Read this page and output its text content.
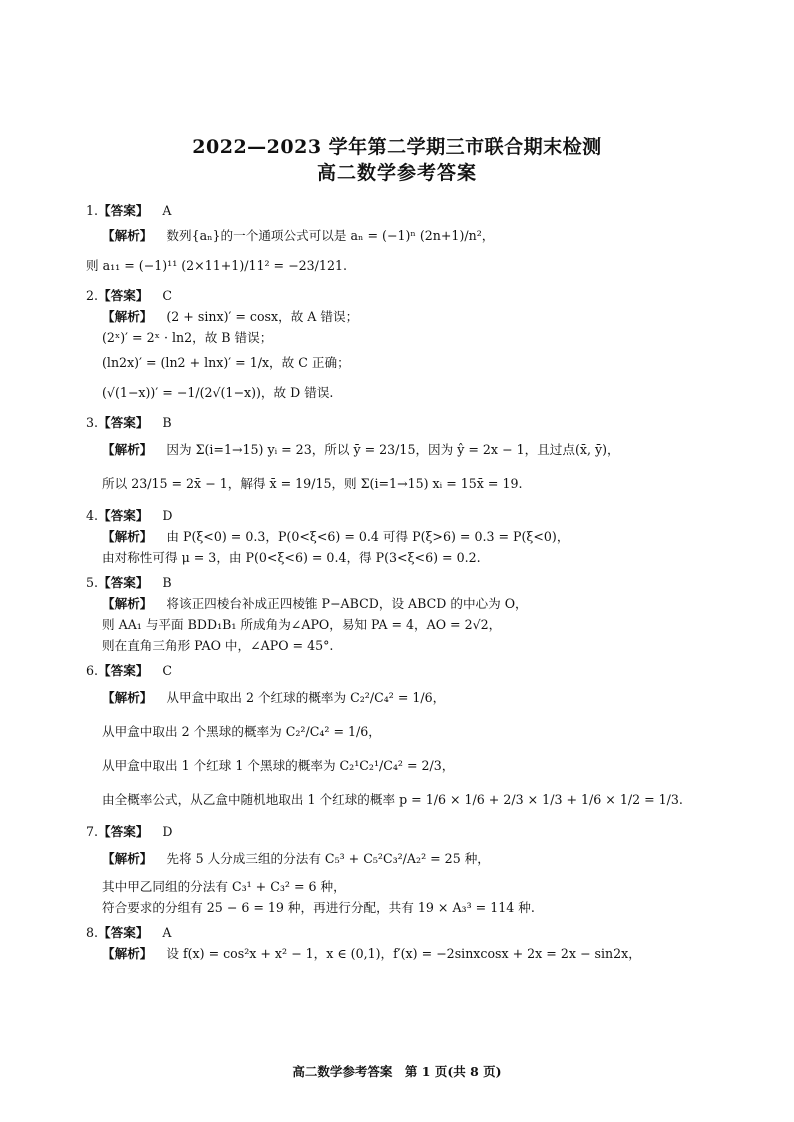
2022—2023 学年第二学期三市联合期末检测
高二数学参考答案
1.【答案】 A
【解析】 数列{aₙ}的一个通项公式可以是 aₙ = (−1)ⁿ (2n+1)/n²，
则 a₁₁ = (−1)¹¹ (2×11+1)/11² = −23/121.
2.【答案】 C
【解析】 (2 + sinx)′ = cosx，故 A 错误；
(2ˣ)′ = 2ˣ · ln2，故 B 错误；
(ln2x)′ = (ln2 + lnx)′ = 1/x，故 C 正确；
(√(1−x))′ = −1/(2√(1−x))，故 D 错误.
3.【答案】 B
【解析】 因为 Σ(i=1→15) yᵢ = 23，所以 ȳ = 23/15，因为 ŷ = 2x − 1，且过点(x̄, ȳ)，
所以 23/15 = 2x̄ − 1，解得 x̄ = 19/15，则 Σ(i=1→15) xᵢ = 15x̄ = 19.
4.【答案】 D
【解析】 由 P(ξ<0) = 0.3，P(0<ξ<6) = 0.4 可得 P(ξ>6) = 0.3 = P(ξ<0)，
由对称性可得 μ = 3，由 P(0<ξ<6) = 0.4，得 P(3<ξ<6) = 0.2.
5.【答案】 B
【解析】 将该正四棱台补成正四棱锥 P−ABCD，设 ABCD 的中心为 O，
则 AA₁ 与平面 BDD₁B₁ 所成角为∠APO，易知 PA = 4，AO = 2√2，
则在直角三角形 PAO 中，∠APO = 45°.
6.【答案】 C
【解析】 从甲盒中取出 2 个红球的概率为 C₂²/C₄² = 1/6，
从甲盒中取出 2 个黑球的概率为 C₂²/C₄² = 1/6，
从甲盒中取出 1 个红球 1 个黑球的概率为 C₂¹C₂¹/C₄² = 2/3，
由全概率公式，从乙盒中随机地取出 1 个红球的概率 p = 1/6 × 1/6 + 2/3 × 1/3 + 1/6 × 1/2 = 1/3.
7.【答案】 D
【解析】 先将 5 人分成三组的分法有 C₅³ + C₅²C₃²/A₂² = 25 种，
其中甲乙同组的分法有 C₃¹ + C₃² = 6 种，
符合要求的分组有 25 − 6 = 19 种，再进行分配，共有 19 × A₃³ = 114 种.
8.【答案】 A
【解析】 设 f(x) = cos²x + x² − 1，x ∈ (0,1)，f′(x) = −2sinxcosx + 2x = 2x − sin2x，
高二数学参考答案　第 1 页(共 8 页)
